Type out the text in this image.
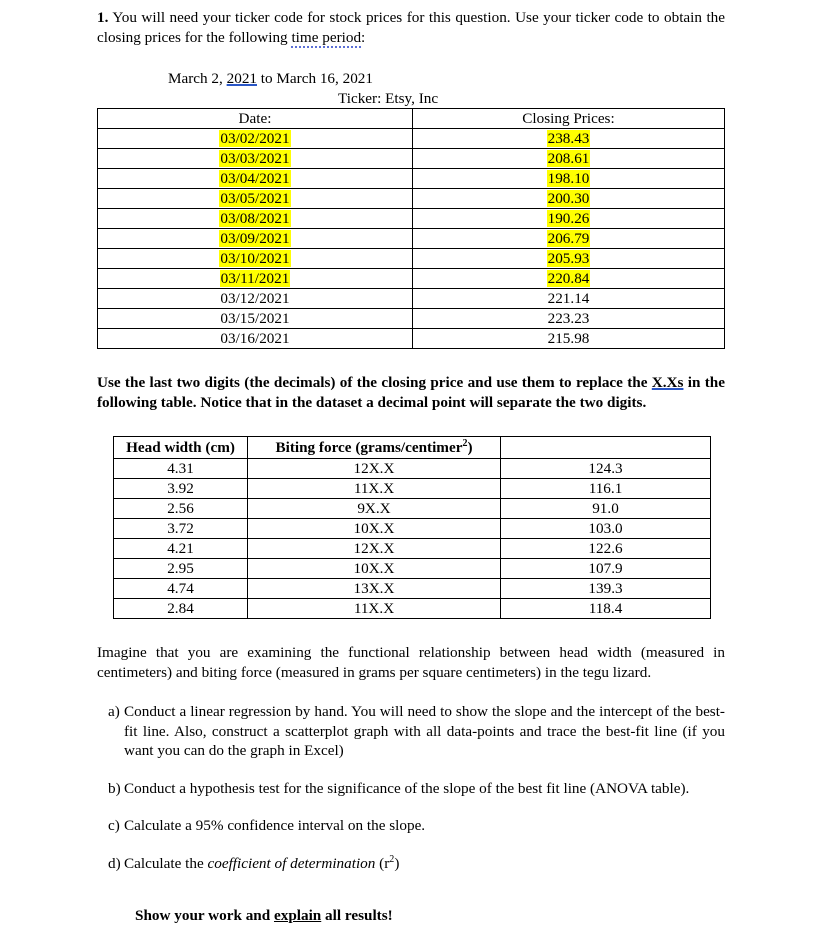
1. You will need your ticker code for stock prices for this question. Use your ticker code to obtain the closing prices for the following time period:

March 2, 2021 to March 16, 2021

Ticker: Etsy, Inc

Date:	Closing Prices:
03/02/2021	238.43
03/03/2021	208.61
03/04/2021	198.10
03/05/2021	200.30
03/08/2021	190.26
03/09/2021	206.79
03/10/2021	205.93
03/11/2021	220.84
03/12/2021	221.14
03/15/2021	223.23
03/16/2021	215.98

Use the last two digits (the decimals) of the closing price and use them to replace the X.Xs in the following table. Notice that in the dataset a decimal point will separate the two digits.

Head width (cm)	Biting force (grams/centimer$^2$)	
4.31	12X.X	124.3
3.92	11X.X	116.1
2.56	9X.X	91.0
3.72	10X.X	103.0
4.21	12X.X	122.6
2.95	10X.X	107.9
4.74	13X.X	139.3
2.84	11X.X	118.4

Imagine that you are examining the functional relationship between head width (measured in centimeters) and biting force (measured in grams per square centimeters) in the tegu lizard.

a) Conduct a linear regression by hand. You will need to show the slope and the intercept of the best-fit line. Also, construct a scatterplot graph with all data-points and trace the best-fit line (if you want you can do the graph in Excel)
b) Conduct a hypothesis test for the significance of the slope of the best fit line (ANOVA table).
c) Calculate a 95% confidence interval on the slope.
d) Calculate the coefficient of determination $(r^2)$

Show your work and explain all results!
